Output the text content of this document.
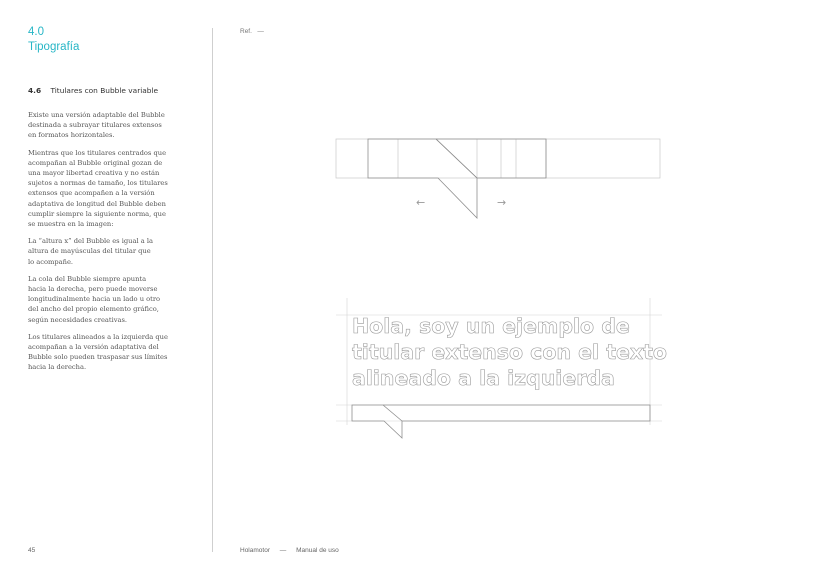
4.0
Tipografía
4.6 Titulares con Bubble variable

Existe una versión adaptable del Bubble
destinada a subrayar titulares extensos
en formatos horizontales.

Mientras que los titulares centrados que
acompañan al Bubble original gozan de
una mayor libertad creativa y no están
sujetos a normas de tamaño, los titulares
extensos que acompañen a la versión
adaptativa de longitud del Bubble deben
cumplir siempre la siguiente norma, que
se muestra en la imagen:

La “altura x” del Bubble es igual a la
altura de mayúsculas del titular que
lo acompañe.

La cola del Bubble siempre apunta
hacia la derecha, pero puede moverse
longitudinalmente hacia un lado u otro
del ancho del propio elemento gráfico,
según necesidades creativas.

Los titulares alineados a la izquierda que
acompañan a la versión adaptativa del
Bubble solo pueden traspasar sus límites
hacia la derecha.

Ref. —
←	→
Hola, soy un ejemplo de
titular extenso con el texto
alineado a la izquierda
45	Holamotor — Manual de uso
